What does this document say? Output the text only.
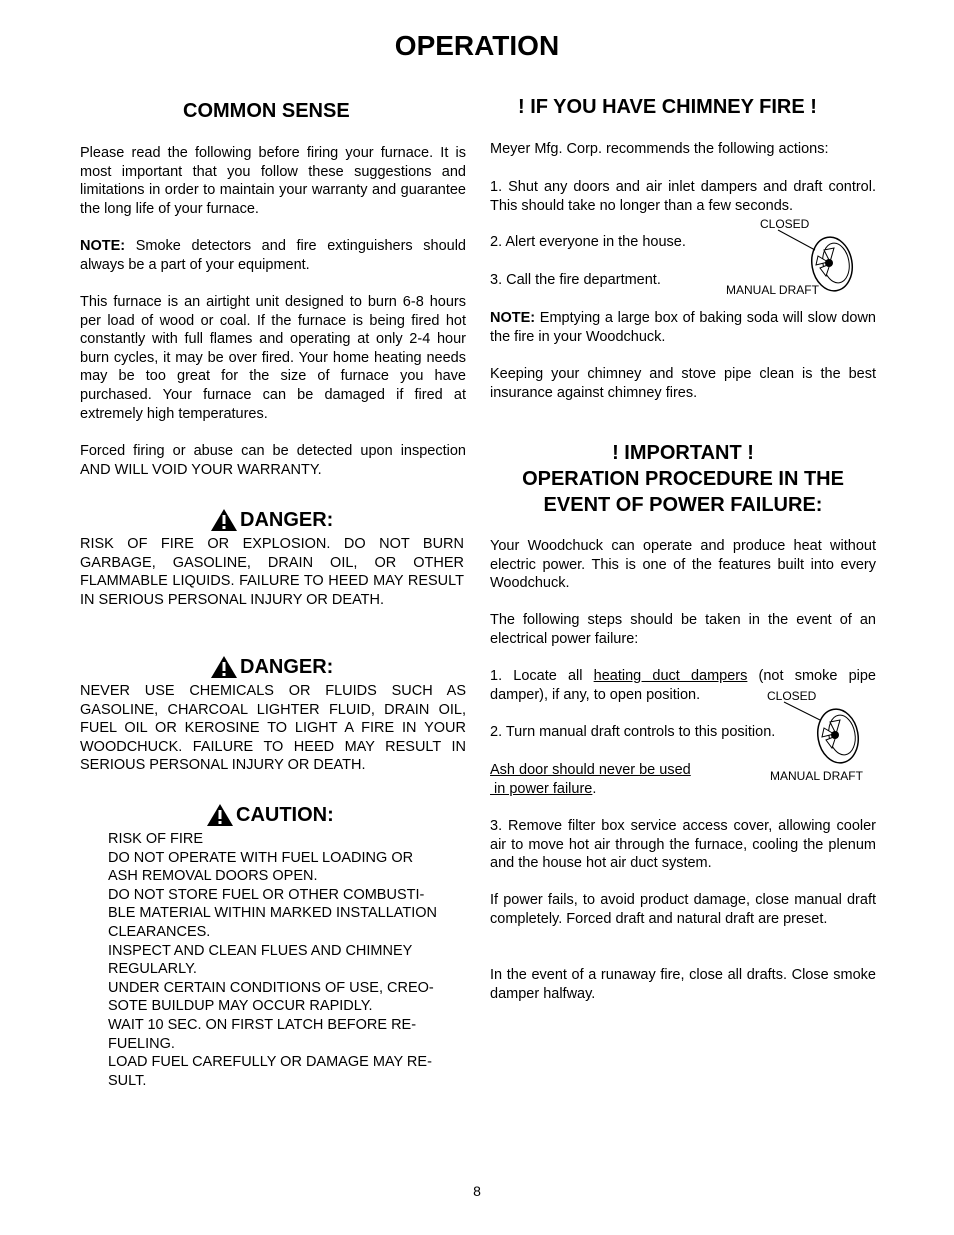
OPERATION
COMMON SENSE
Please read the following before firing your furnace. It is most important that you follow these suggestions and limitations in order to maintain your warranty and guarantee the long life of your furnace.
NOTE: Smoke detectors and fire extinguishers should always be a part of your equipment.
This furnace is an airtight unit designed to burn 6-8 hours per load of wood or coal. If the furnace is being fired hot constantly with full flames and operating at only 2-4 hour burn cycles, it may be over fired. Your home heating needs may be too great for the size of furnace you have purchased. Your furnace can be damaged if fired at extremely high temperatures.
Forced firing or abuse can be detected upon inspection AND WILL VOID YOUR WARRANTY.
DANGER:
RISK OF FIRE OR EXPLOSION. DO NOT BURN GARBAGE, GASOLINE, DRAIN OIL, OR OTHER FLAMMABLE LIQUIDS. FAILURE TO HEED MAY RESULT IN SERIOUS PERSONAL INJURY OR DEATH.
DANGER:
NEVER USE CHEMICALS OR FLUIDS SUCH AS GASOLINE, CHARCOAL LIGHTER FLUID, DRAIN OIL, FUEL OIL OR KEROSINE TO LIGHT A FIRE IN YOUR WOODCHUCK. FAILURE TO HEED MAY RESULT IN SERIOUS PERSONAL INJURY OR DEATH.
CAUTION:
RISK OF FIRE
DO NOT OPERATE WITH FUEL LOADING OR
ASH REMOVAL DOORS OPEN.
DO NOT STORE FUEL OR OTHER COMBUSTI-
BLE MATERIAL WITHIN MARKED INSTALLATION
CLEARANCES.
INSPECT AND CLEAN FLUES AND CHIMNEY
REGULARLY.
UNDER CERTAIN CONDITIONS OF USE, CREO-
SOTE BUILDUP MAY OCCUR RAPIDLY.
WAIT 10 SEC. ON FIRST LATCH BEFORE RE-
FUELING.
LOAD FUEL CAREFULLY OR DAMAGE MAY RE-
SULT.
! IF YOU HAVE CHIMNEY FIRE !
Meyer Mfg. Corp. recommends the following actions:
1. Shut any doors and air inlet dampers and draft control. This should take no longer than a few seconds.
2. Alert everyone in the house.
3. Call the fire department.
CLOSED
MANUAL DRAFT
NOTE: Emptying a large box of baking soda will slow down the fire in your Woodchuck.
Keeping your chimney and stove pipe clean is the best insurance against chimney fires.
! IMPORTANT !
OPERATION PROCEDURE IN THE
EVENT OF POWER FAILURE:
Your Woodchuck can operate and produce heat without electric power. This is one of the features built into every Woodchuck.
The following steps should be taken in the event of an electrical power failure:
1. Locate all heating duct dampers (not smoke pipe damper), if any, to open position.
2. Turn manual draft controls to this position.
Ash door should never be used
in power failure.
CLOSED
MANUAL DRAFT
3. Remove filter box service access cover, allowing cooler air to move hot air through the furnace, cooling the plenum and the house hot air duct system.
If power fails, to avoid product damage, close manual draft completely. Forced draft and natural draft are preset.
In the event of a runaway fire, close all drafts. Close smoke damper halfway.
8
